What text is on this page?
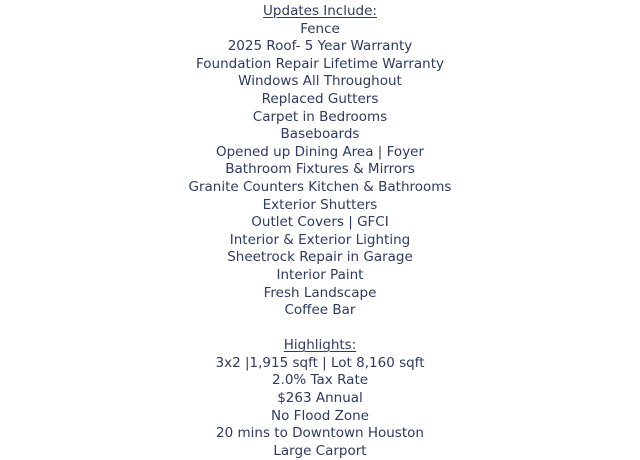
Updates Include:
Fence
2025 Roof- 5 Year Warranty
Foundation Repair Lifetime Warranty
Windows All Throughout
Replaced Gutters
Carpet in Bedrooms
Baseboards
Opened up Dining Area | Foyer
Bathroom Fixtures & Mirrors
Granite Counters Kitchen & Bathrooms
Exterior Shutters
Outlet Covers | GFCI
Interior & Exterior Lighting
Sheetrock Repair in Garage
Interior Paint
Fresh Landscape
Coffee Bar
Highlights:
3x2 |1,915 sqft | Lot 8,160 sqft
2.0% Tax Rate
$263 Annual
No Flood Zone
20 mins to Downtown Houston
Large Carport
